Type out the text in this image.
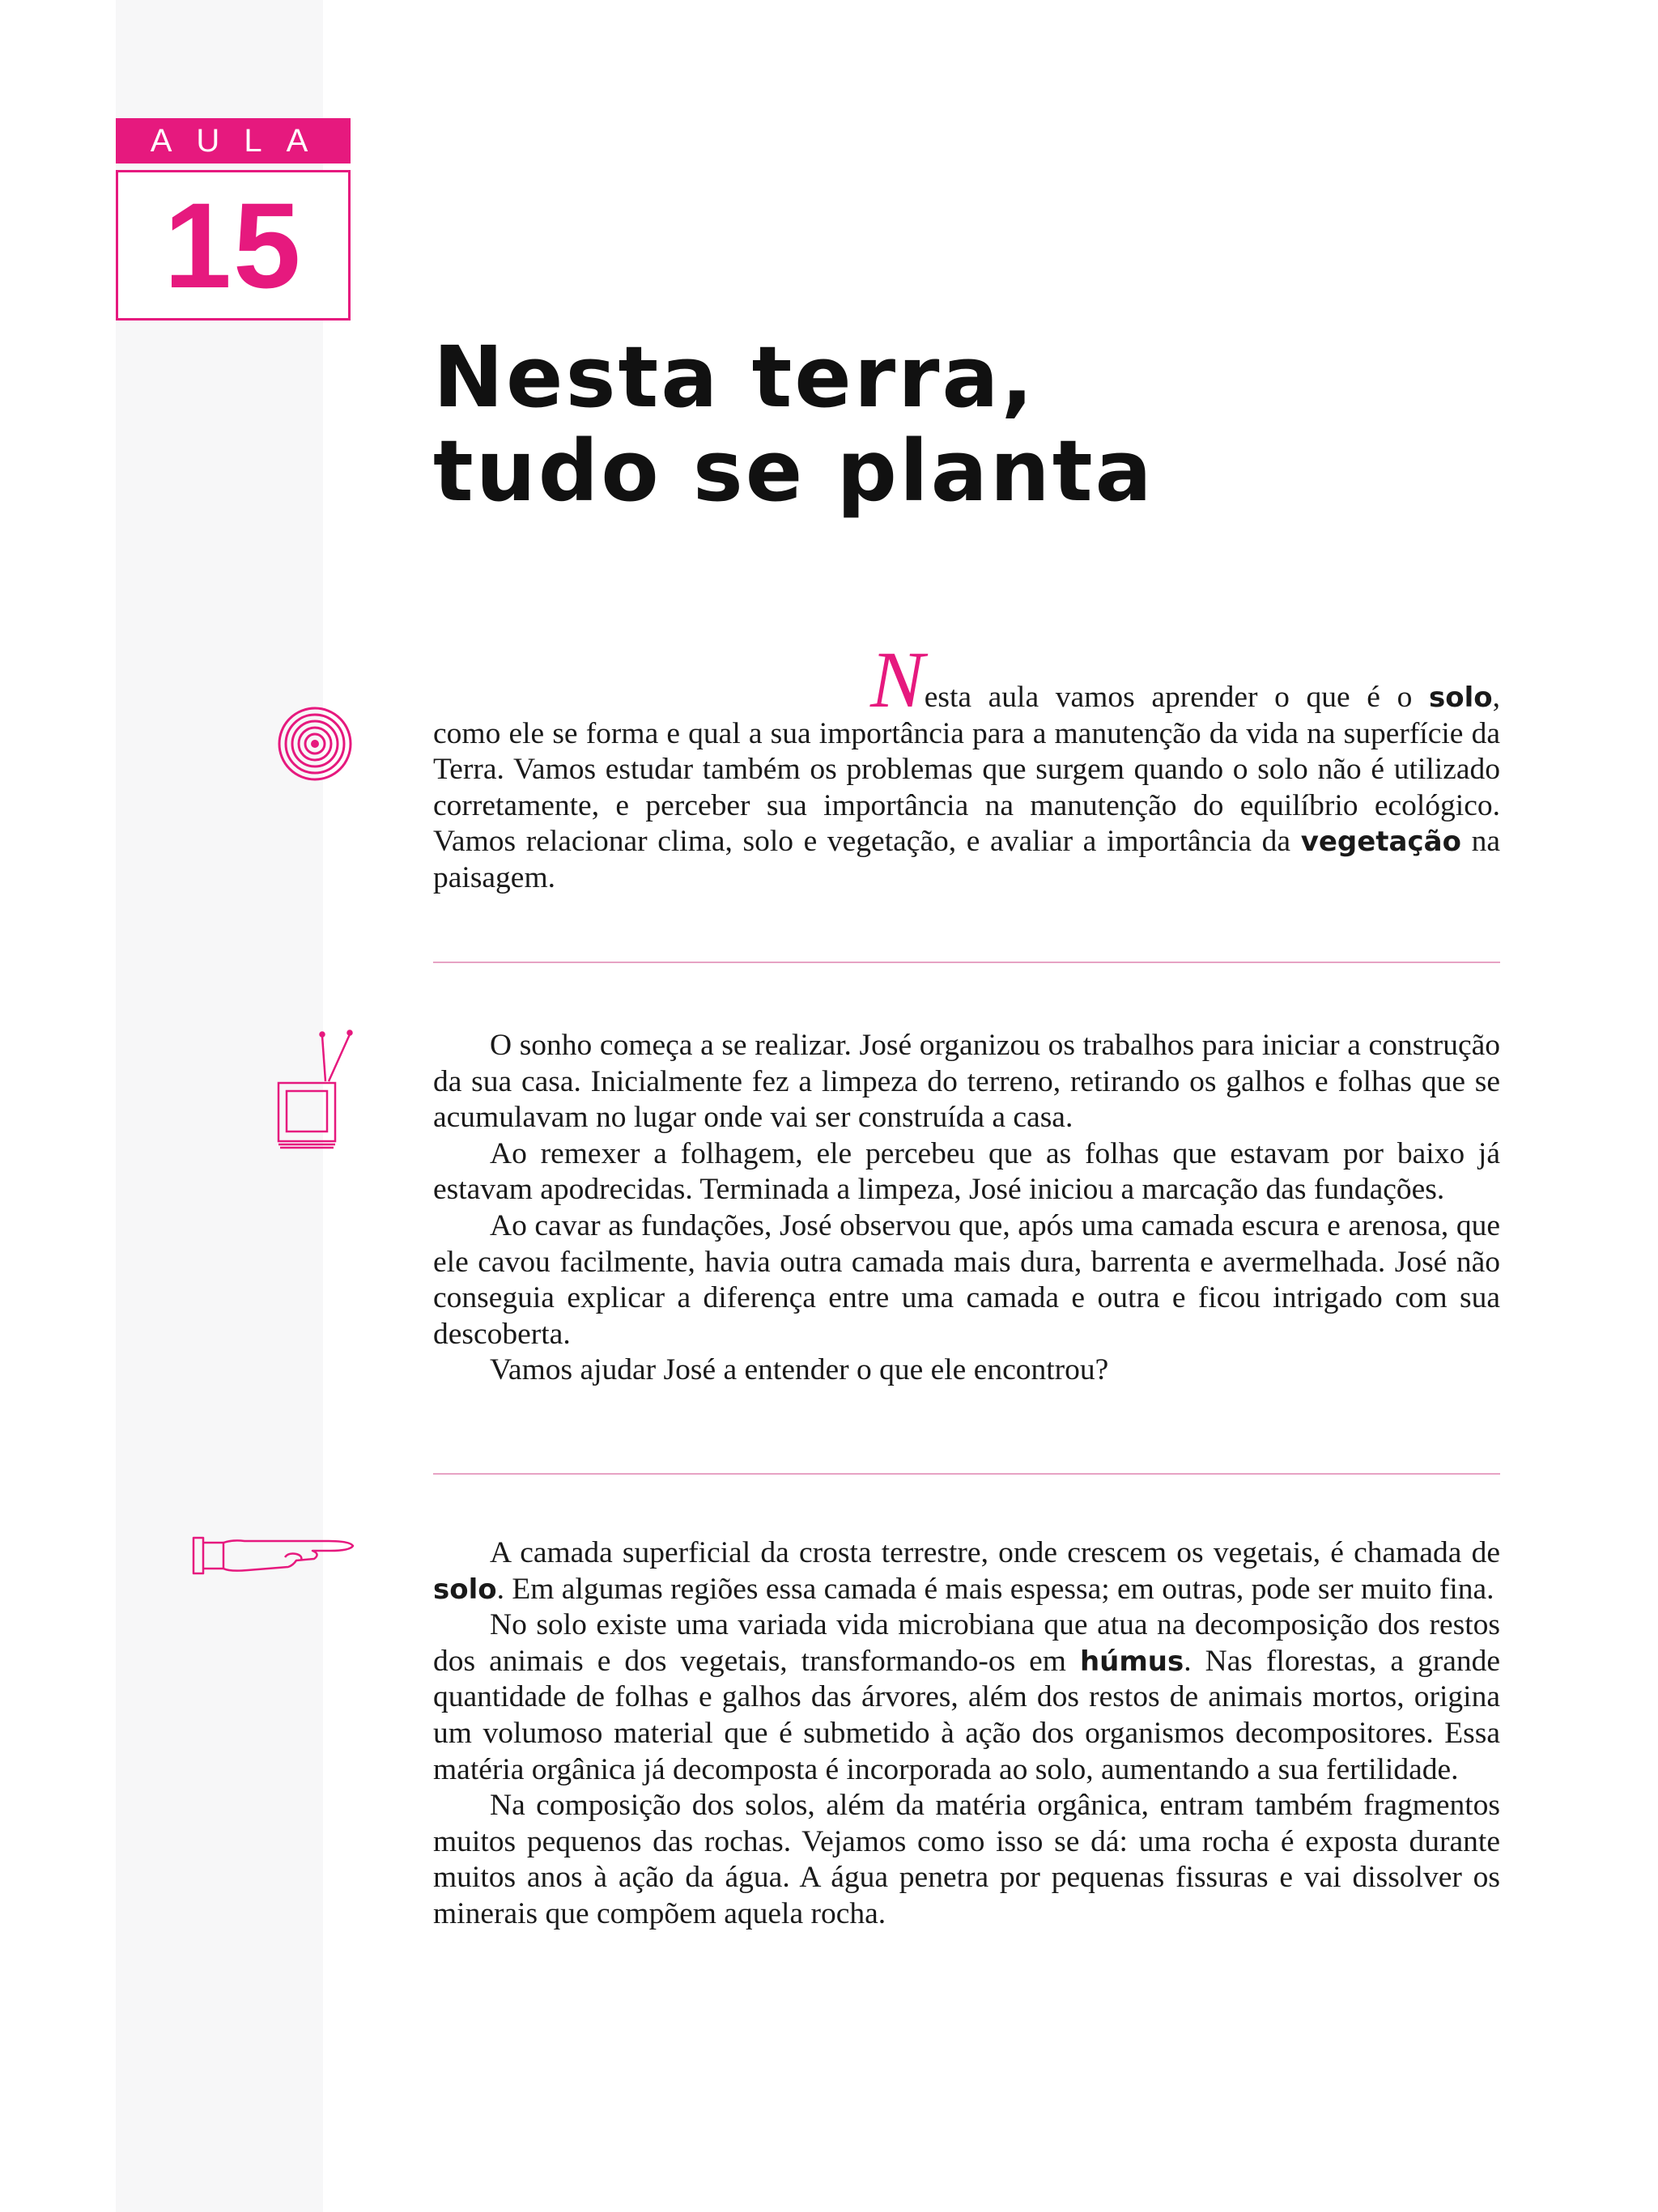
AULA
15
Nesta terra,
tudo se planta

Nesta aula vamos aprender o que é o solo, como ele se forma e qual a sua importância para a manutenção da vida na superfície da Terra. Vamos estudar também os problemas que surgem quando o solo não é utilizado corretamente, e perceber sua importância na manutenção do equilíbrio ecológico. Vamos relacionar clima, solo e vegetação, e avaliar a importância da vegetação na paisagem.

O sonho começa a se realizar. José organizou os trabalhos para iniciar a construção da sua casa. Inicialmente fez a limpeza do terreno, retirando os galhos e folhas que se acumulavam no lugar onde vai ser construída a casa.

Ao remexer a folhagem, ele percebeu que as folhas que estavam por baixo já estavam apodrecidas. Terminada a limpeza, José iniciou a marcação das fundações.

Ao cavar as fundações, José observou que, após uma camada escura e arenosa, que ele cavou facilmente, havia outra camada mais dura, barrenta e avermelhada. José não conseguia explicar a diferença entre uma camada e outra e ficou intrigado com sua descoberta.

Vamos ajudar José a entender o que ele encontrou?

A camada superficial da crosta terrestre, onde crescem os vegetais, é chamada de solo. Em algumas regiões essa camada é mais espessa; em outras, pode ser muito fina.

No solo existe uma variada vida microbiana que atua na decomposição dos restos dos animais e dos vegetais, transformando-os em húmus. Nas florestas, a grande quantidade de folhas e galhos das árvores, além dos restos de animais mortos, origina um volumoso material que é submetido à ação dos organismos decompositores. Essa matéria orgânica já decomposta é incorporada ao solo, aumentando a sua fertilidade.

Na composição dos solos, além da matéria orgânica, entram também fragmentos muitos pequenos das rochas. Vejamos como isso se dá: uma rocha é exposta durante muitos anos à ação da água. A água penetra por pequenas fissuras e vai dissolver os minerais que compõem aquela rocha.
